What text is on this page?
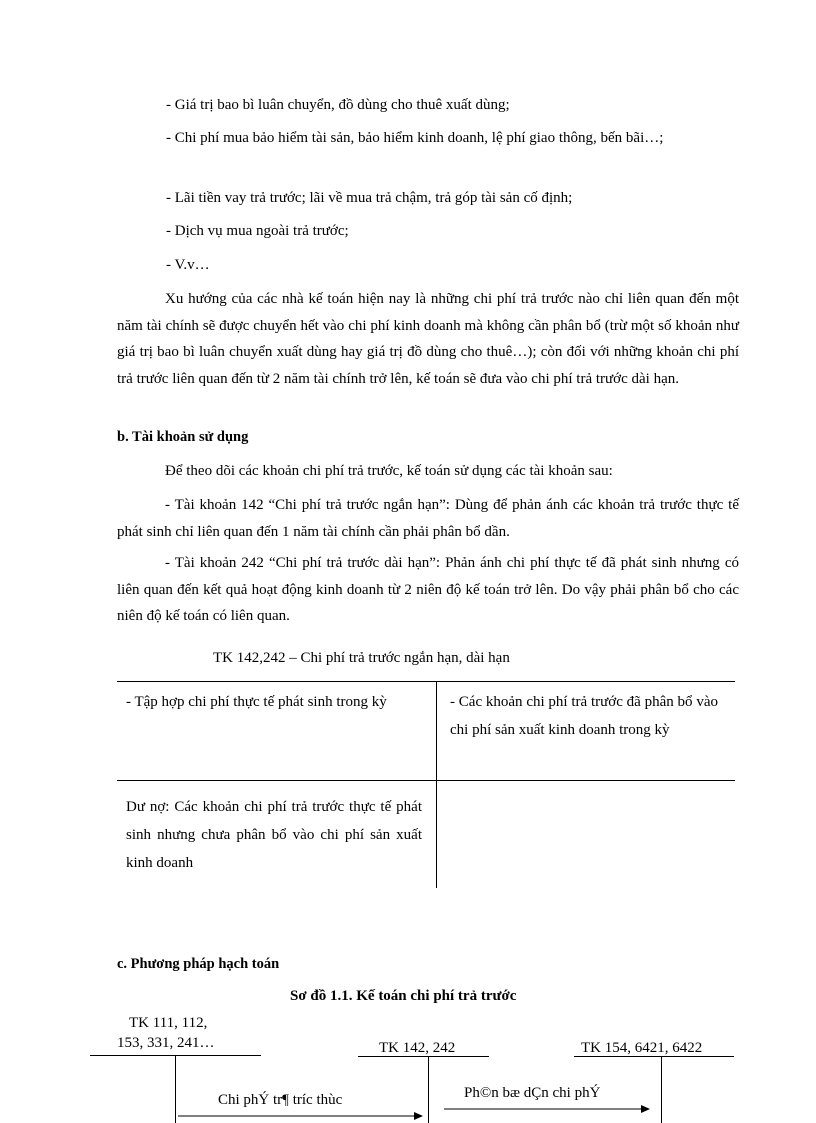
- Giá trị bao bì luân chuyển, đồ dùng cho thuê xuất dùng;

- Chi phí mua bảo hiểm tài sản, bảo hiểm kinh doanh, lệ phí giao thông, bến bãi…;

- Lãi tiền vay trả trước; lãi về mua trả chậm, trả góp tài sản cố định;

- Dịch vụ mua ngoài trả trước;

- V.v…

Xu hướng của các nhà kế toán hiện nay là những chi phí trả trước nào chỉ liên quan đến một năm tài chính sẽ được chuyển hết vào chi phí kinh doanh mà không cần phân bổ (trừ một số khoản như giá trị bao bì luân chuyển xuất dùng hay giá trị đồ dùng cho thuê…); còn đối với những khoản chi phí trả trước liên quan đến từ 2 năm tài chính trở lên, kế toán sẽ đưa vào chi phí trả trước dài hạn.

b. Tài khoản sử dụng

Để theo dõi các khoản chi phí trả trước, kế toán sử dụng các tài khoản sau:

- Tài khoản 142 “Chi phí trả trước ngắn hạn”: Dùng để phản ánh các khoản trả trước thực tế phát sinh chỉ liên quan đến 1 năm tài chính cần phải phân bổ dần.

- Tài khoản 242 “Chi phí trả trước dài hạn”: Phản ánh chi phí thực tế đã phát sinh nhưng có liên quan đến kết quả hoạt động kinh doanh từ 2 niên độ kế toán trở lên. Do vậy phải phân bổ cho các niên độ kế toán có liên quan.

TK 142,242 – Chi phí trả trước ngắn hạn, dài hạn
- Tập hợp chi phí thực tế phát sinh trong kỳ	- Các khoản chi phí trả trước đã phân bổ vào chi phí sản xuất kinh doanh trong kỳ
Dư nợ: Các khoản chi phí trả trước thực tế phát sinh nhưng chưa phân bổ vào chi phí sản xuất kinh doanh

c. Phương pháp hạch toán

Sơ đồ 1.1. Kế toán chi phí trả trước
TK 111, 112,
153, 331, 241…	TK 142, 242	TK 154, 6421, 6422
Chi phÝ tr¶ tríc thùc	Ph©n bæ dÇn chi phÝ
